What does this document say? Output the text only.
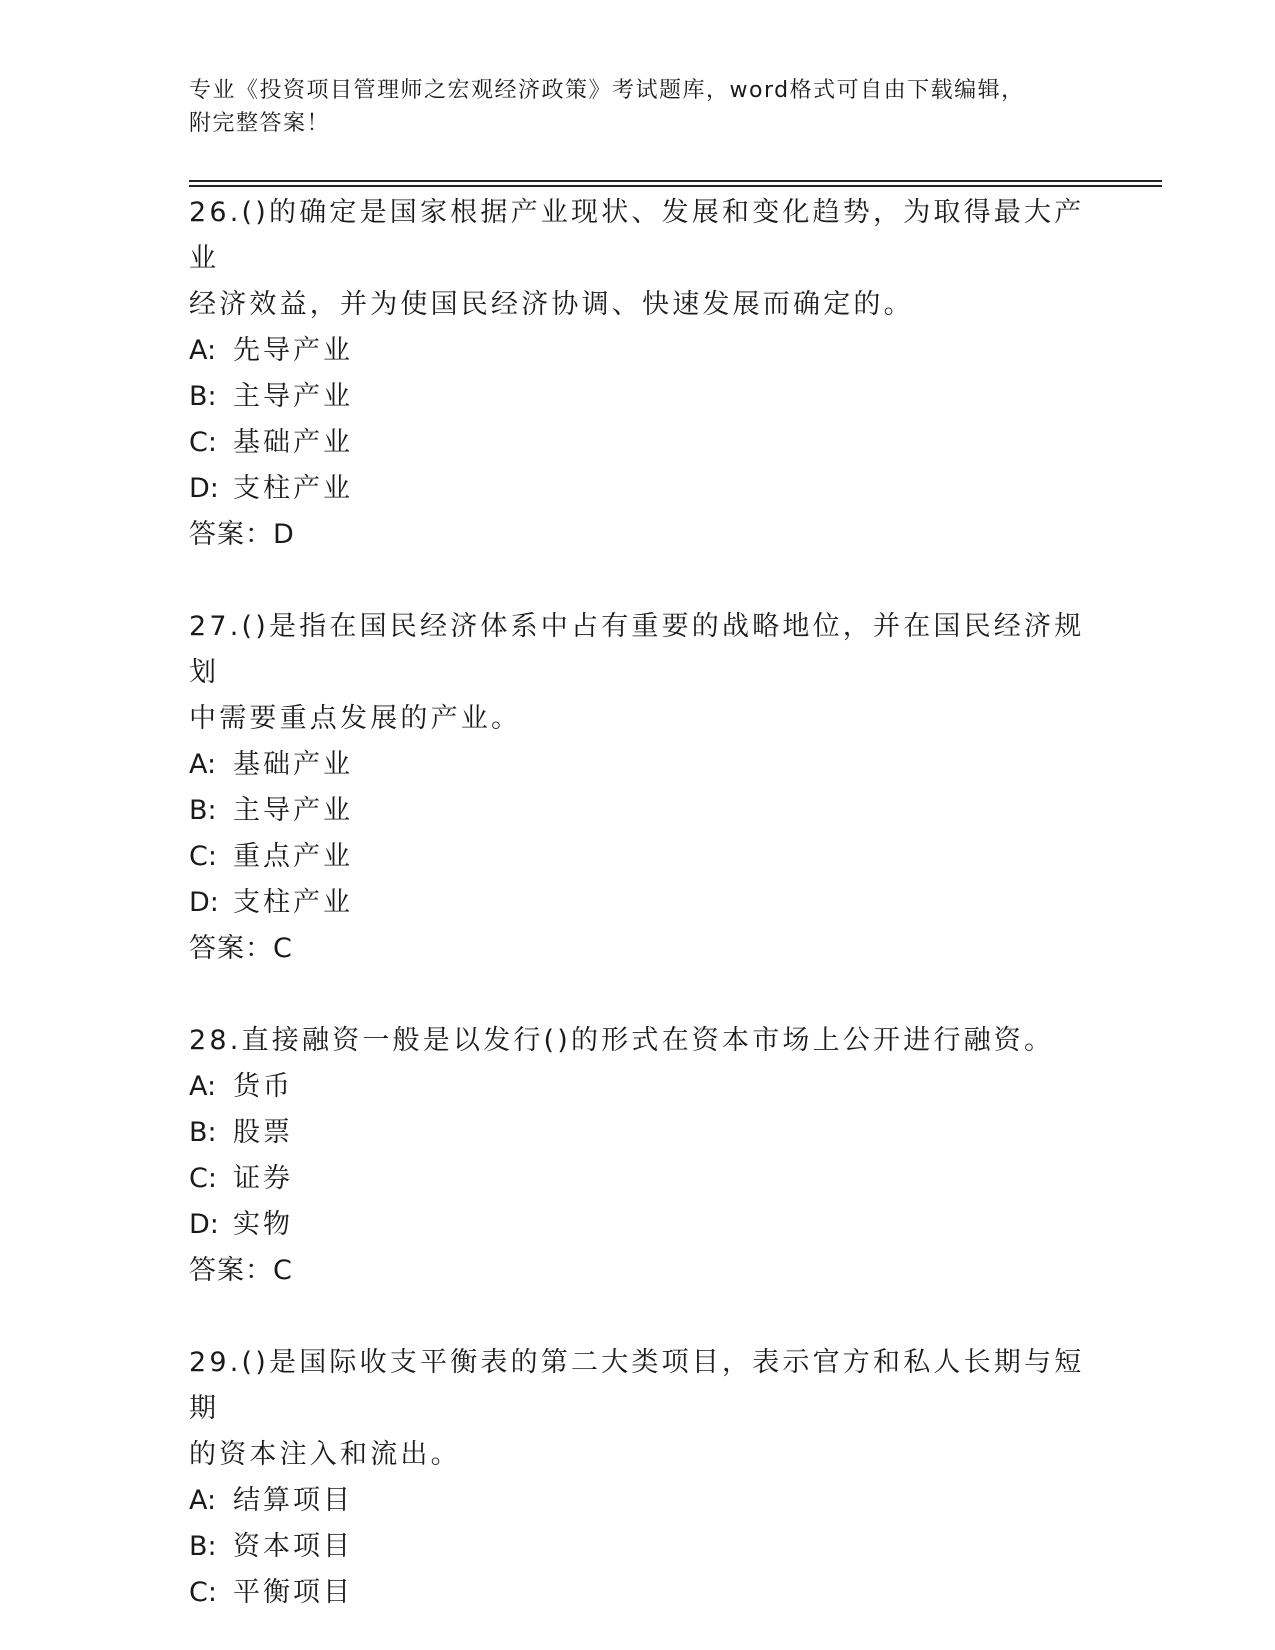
专业《投资项目管理师之宏观经济政策》考试题库，word格式可自由下载编辑，
附完整答案！

26.()的确定是国家根据产业现状、发展和变化趋势，为取得最大产业

经济效益，并为使国民经济协调、快速发展而确定的。

A: 先导产业

B: 主导产业

C: 基础产业

D: 支柱产业

答案：D

27.()是指在国民经济体系中占有重要的战略地位，并在国民经济规划

中需要重点发展的产业。

A: 基础产业

B: 主导产业

C: 重点产业

D: 支柱产业

答案：C

28.直接融资一般是以发行()的形式在资本市场上公开进行融资。

A: 货币

B: 股票

C: 证券

D: 实物

答案：C

29.()是国际收支平衡表的第二大类项目，表示官方和私人长期与短期

的资本注入和流出。

A: 结算项目

B: 资本项目

C: 平衡项目
